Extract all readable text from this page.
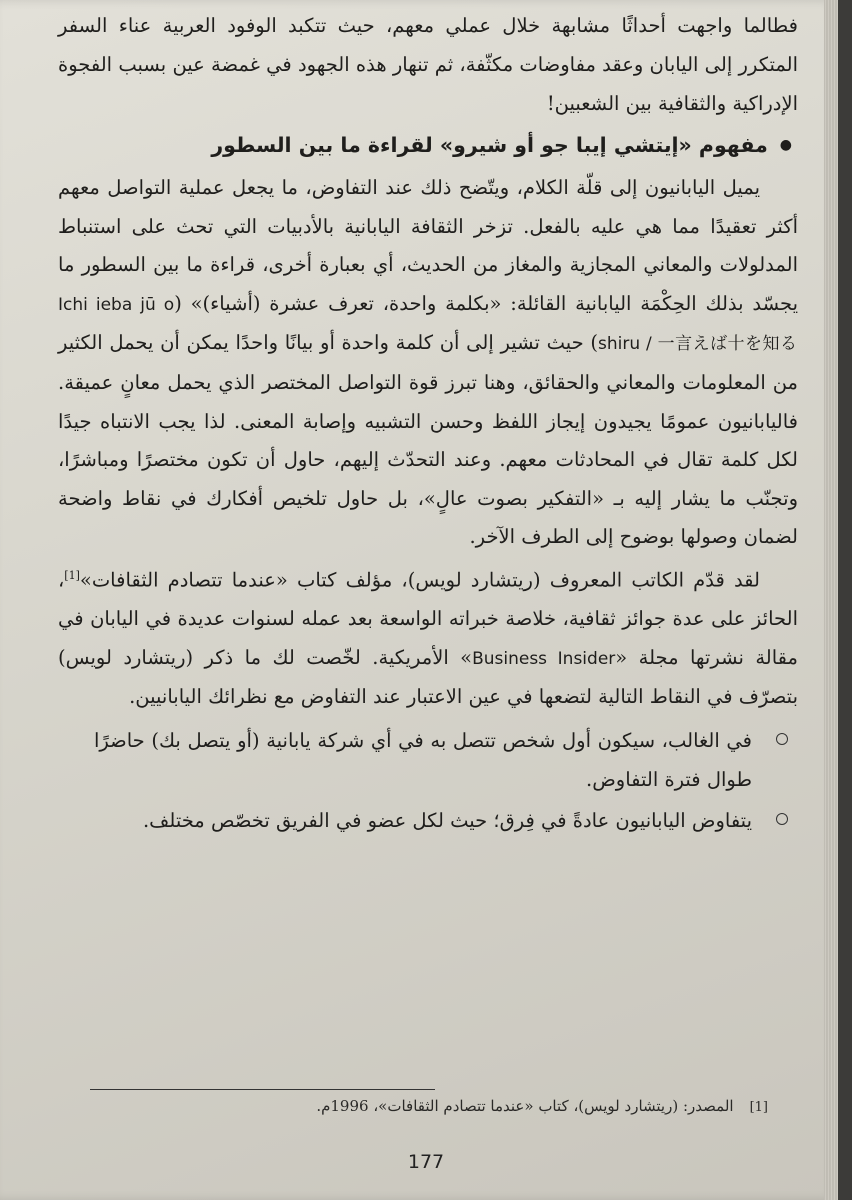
فطالما واجهت أحداثًا مشابهة خلال عملي معهم، حيث تتكبد الوفود العربية عناء السفر المتكرر إلى اليابان وعقد مفاوضات مكثّفة، ثم تنهار هذه الجهود في غمضة عين بسبب الفجوة الإدراكية والثقافية بين الشعبين!

●
مفهوم «إيتشي إيبا جو أو شيرو» لقراءة ما بين السطور

يميل اليابانيون إلى قلّة الكلام، ويتّضح ذلك عند التفاوض، ما يجعل عملية التواصل معهم أكثر تعقيدًا مما هي عليه بالفعل. تزخر الثقافة اليابانية بالأدبيات التي تحث على استنباط المدلولات والمعاني المجازية والمغاز من الحديث، أي بعبارة أخرى، قراءة ما بين السطور ما يجسّد بذلك الحِكْمَة اليابانية القائلة: «بكلمة واحدة، تعرف عشرة (أشياء)» (Ichi ieba jū o shiru / 一言えば十を知る) حيث تشير إلى أن كلمة واحدة أو بيانًا واحدًا يمكن أن يحمل الكثير من المعلومات والمعاني والحقائق، وهنا تبرز قوة التواصل المختصر الذي يحمل معانٍ عميقة. فاليابانيون عمومًا يجيدون إيجاز اللفظ وحسن التشبيه وإصابة المعنى. لذا يجب الانتباه جيدًا لكل كلمة تقال في المحادثات معهم. وعند التحدّث إليهم، حاول أن تكون مختصرًا ومباشرًا، وتجنّب ما يشار إليه بـ «التفكير بصوت عالٍ»، بل حاول تلخيص أفكارك في نقاط واضحة لضمان وصولها بوضوح إلى الطرف الآخر.

لقد قدّم الكاتب المعروف (ريتشارد لويس)، مؤلف كتاب «عندما تتصادم الثقافات»[1]، الحائز على عدة جوائز ثقافية، خلاصة خبراته الواسعة بعد عمله لسنوات عديدة في اليابان في مقالة نشرتها مجلة «Business Insider» الأمريكية. لخّصت لك ما ذكر (ريتشارد لويس) بتصرّف في النقاط التالية لتضعها في عين الاعتبار عند التفاوض مع نظرائك اليابانيين.

في الغالب، سيكون أول شخص تتصل به في أي شركة يابانية (أو يتصل بك) حاضرًا طوال فترة التفاوض.
يتفاوض اليابانيون عادةً في فِرق؛ حيث لكل عضو في الفريق تخصّص مختلف.
[1]المصدر: (ريتشارد لويس)، كتاب «عندما تتصادم الثقافات»، 1996م.
177
